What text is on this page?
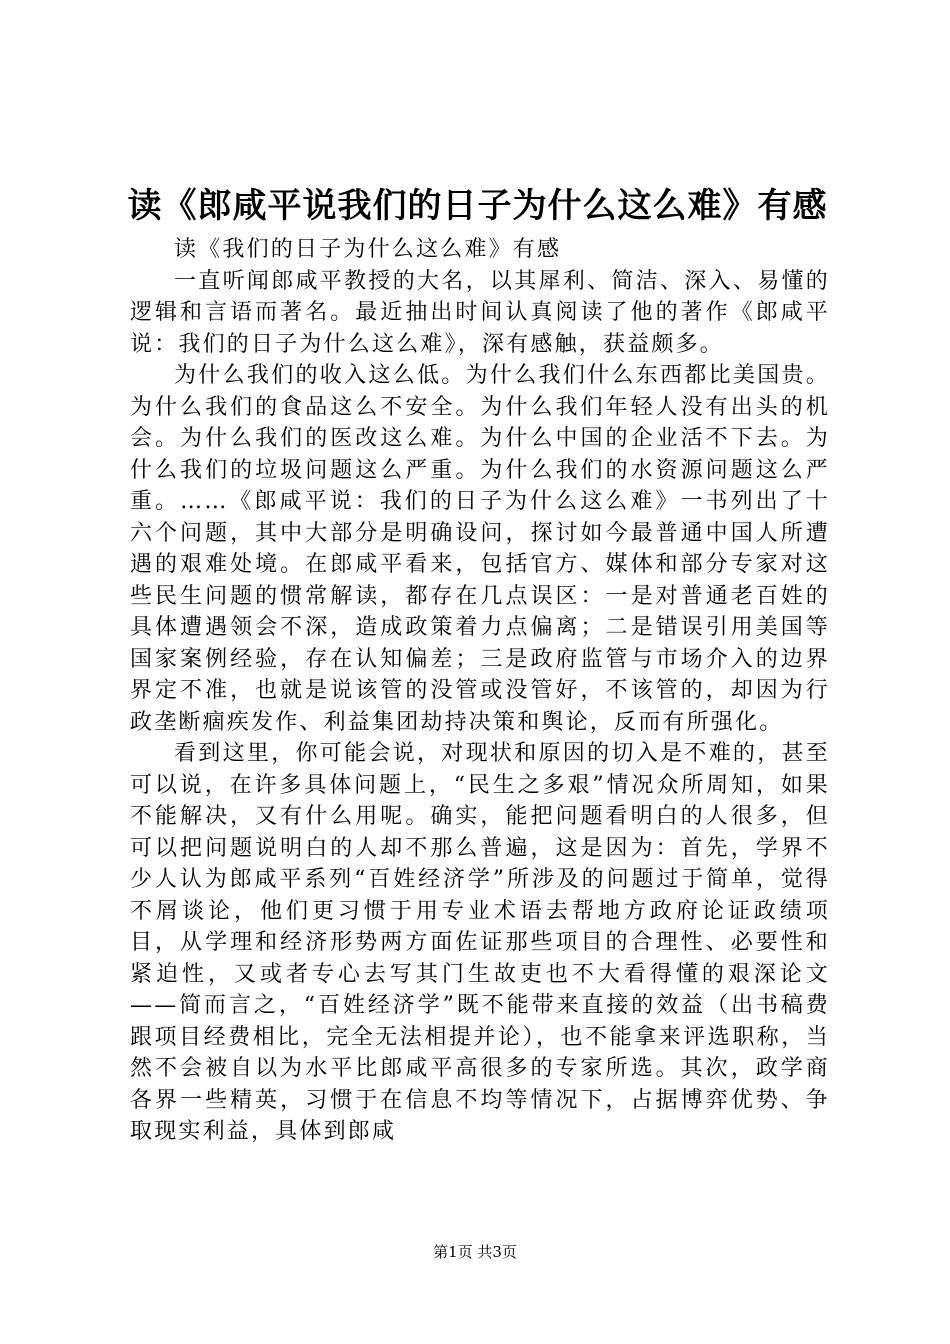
读《郎咸平说我们的日子为什么这么难》有感

读《我们的日子为什么这么难》有感

一直听闻郎咸平教授的大名，以其犀利、简洁、深入、易懂的逻辑和言语而著名。最近抽出时间认真阅读了他的著作《郎咸平说：我们的日子为什么这么难》，深有感触，获益颇多。

为什么我们的收入这么低。为什么我们什么东西都比美国贵。为什么我们的食品这么不安全。为什么我们年轻人没有出头的机会。为什么我们的医改这么难。为什么中国的企业活不下去。为什么我们的垃圾问题这么严重。为什么我们的水资源问题这么严重。……《郎咸平说：我们的日子为什么这么难》一书列出了十六个问题，其中大部分是明确设问，探讨如今最普通中国人所遭遇的艰难处境。在郎咸平看来，包括官方、媒体和部分专家对这些民生问题的惯常解读，都存在几点误区：一是对普通老百姓的具体遭遇领会不深，造成政策着力点偏离；二是错误引用美国等国家案例经验，存在认知偏差；三是政府监管与市场介入的边界界定不准，也就是说该管的没管或没管好，不该管的，却因为行政垄断痼疾发作、利益集团劫持决策和舆论，反而有所强化。

看到这里，你可能会说，对现状和原因的切入是不难的，甚至可以说，在许多具体问题上，“民生之多艰”情况众所周知，如果不能解决，又有什么用呢。确实，能把问题看明白的人很多，但可以把问题说明白的人却不那么普遍，这是因为：首先，学界不少人认为郎咸平系列“百姓经济学”所涉及的问题过于简单，觉得不屑谈论，他们更习惯于用专业术语去帮地方政府论证政绩项目，从学理和经济形势两方面佐证那些项目的合理性、必要性和紧迫性，又或者专心去写其门生故吏也不大看得懂的艰深论文——简而言之，“百姓经济学”既不能带来直接的效益（出书稿费跟项目经费相比，完全无法相提并论），也不能拿来评选职称，当然不会被自以为水平比郎咸平高很多的专家所选。其次，政学商各界一些精英，习惯于在信息不均等情况下，占据博弈优势、争取现实利益，具体到郎咸

第1页 共3页
